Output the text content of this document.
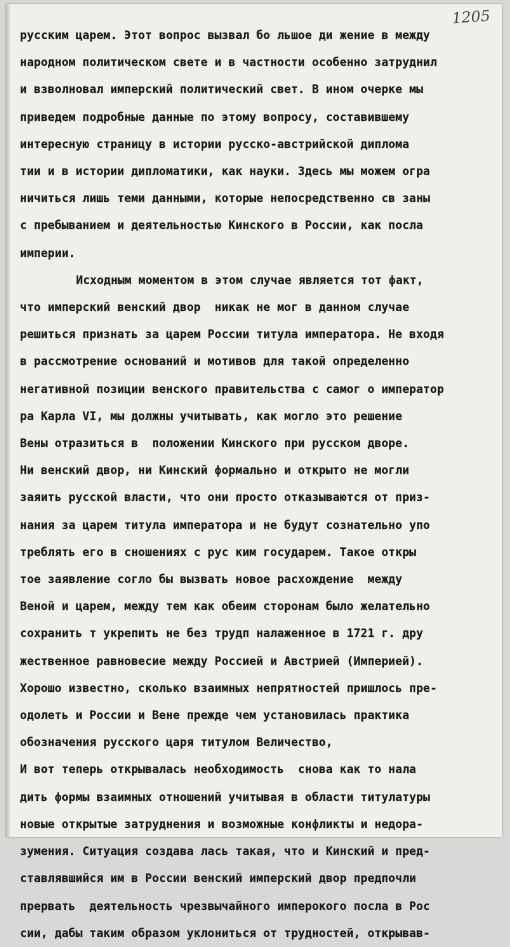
1205
русским царем. Этот вопрос вызвал бо льшое ди жение в между
народном политическом свете и в частности особенно затруднил
и взволновал имперский политический свет. В ином очерке мы
приведем подробные данные по этому вопросу, составившему
интересную страницу в истории русско-австрийской диплома
тии и в истории дипломатики, как науки. Здесь мы можем огра
ничиться лишь теми данными, которые непосредственно св заны
с пребыванием и деятельностью Кинского в России, как посла
империи.
Исходным моментом в этом случае является тот факт,
что имперский венский двор  никак не мог в данном случае
решиться признать за царем России титула императора. Не входя
в рассмотрение оснований и мотивов для такой определенно
негативной позиции венского правительства с самог о император
ра Карла VI, мы должны учитывать, как могло это решение
Вены отразиться в  положении Кинского при русском дворе.
Ни венский двор, ни Кинский формально и открыто не могли
заяить русской власти, что они просто отказываются от приз-
нания за царем титула императора и не будут сознательно упо
треблять его в сношениях с рус ким государем. Такое откры
тое заявление согло бы вызвать новое расхождение  между
Веной и царем, между тем как обеим сторонам было желательно
сохранить т укрепить не без трудп налаженное в 1721 г. дру
жественное равновесие между Россией и Австрией (Империей).
Хорошо известно, сколько взаимных непрятностей пришлось пре-
одолеть и России и Вене прежде чем установилась практика
обозначения русского царя титулом Величество,
И вот теперь открывалась необходимость  снова как то нала
дить формы взаимных отношений учитывая в области титулатуры
новые открытые затруднения и возможные конфликты и недора-
зумения. Ситуация создава лась такая, что и Кинский и пред-
ставлявшийся им в России венский имперский двор предпочли
прервать  деятельность чрезвычайного имперокого посла в Рос
сии, дабы таким образом уклониться от трудностей, открывав-
